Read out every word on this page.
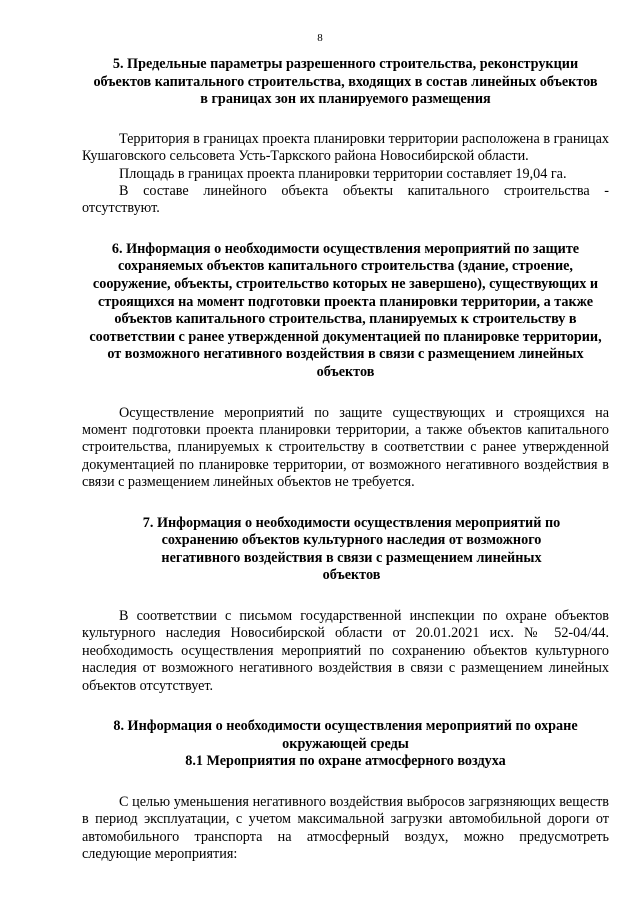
8
5. Предельные параметры разрешенного строительства, реконструкции объектов капитального строительства, входящих в состав линейных объектов в границах зон их планируемого размещения

Территория в границах проекта планировки территории расположена в границах Кушаговского сельсовета Усть-Таркского района Новосибирской области.

Площадь в границах проекта планировки территории составляет 19,04 га.

В составе линейного объекта объекты капитального строительства - отсутствуют.

6. Информация о необходимости осуществления мероприятий по защите сохраняемых объектов капитального строительства (здание, строение, сооружение, объекты, строительство которых не завершено), существующих и строящихся на момент подготовки проекта планировки территории, а также объектов капитального строительства, планируемых к строительству в соответствии с ранее утвержденной документацией по планировке территории, от возможного негативного воздействия в связи с размещением линейных объектов

Осуществление мероприятий по защите существующих и строящихся на момент подготовки проекта планировки территории, а также объектов капитального строительства, планируемых к строительству в соответствии с ранее утвержденной документацией по планировке территории, от возможного негативного воздействия в связи с размещением линейных объектов не требуется.

7. Информация о необходимости осуществления мероприятий по сохранению объектов культурного наследия от возможного негативного воздействия в связи с размещением линейных объектов

В соответствии с письмом государственной инспекции по охране объектов культурного наследия Новосибирской области от 20.01.2021 исх. № 52-04/44. необходимость осуществления мероприятий по сохранению объектов культурного наследия от возможного негативного воздействия в связи с размещением линейных объектов отсутствует.

8. Информация о необходимости осуществления мероприятий по охране окружающей среды
8.1 Мероприятия по охране атмосферного воздуха

С целью уменьшения негативного воздействия выбросов загрязняющих веществ в период эксплуатации, с учетом максимальной загрузки автомобильной дороги от автомобильного транспорта на атмосферный воздух, можно предусмотреть следующие мероприятия:
